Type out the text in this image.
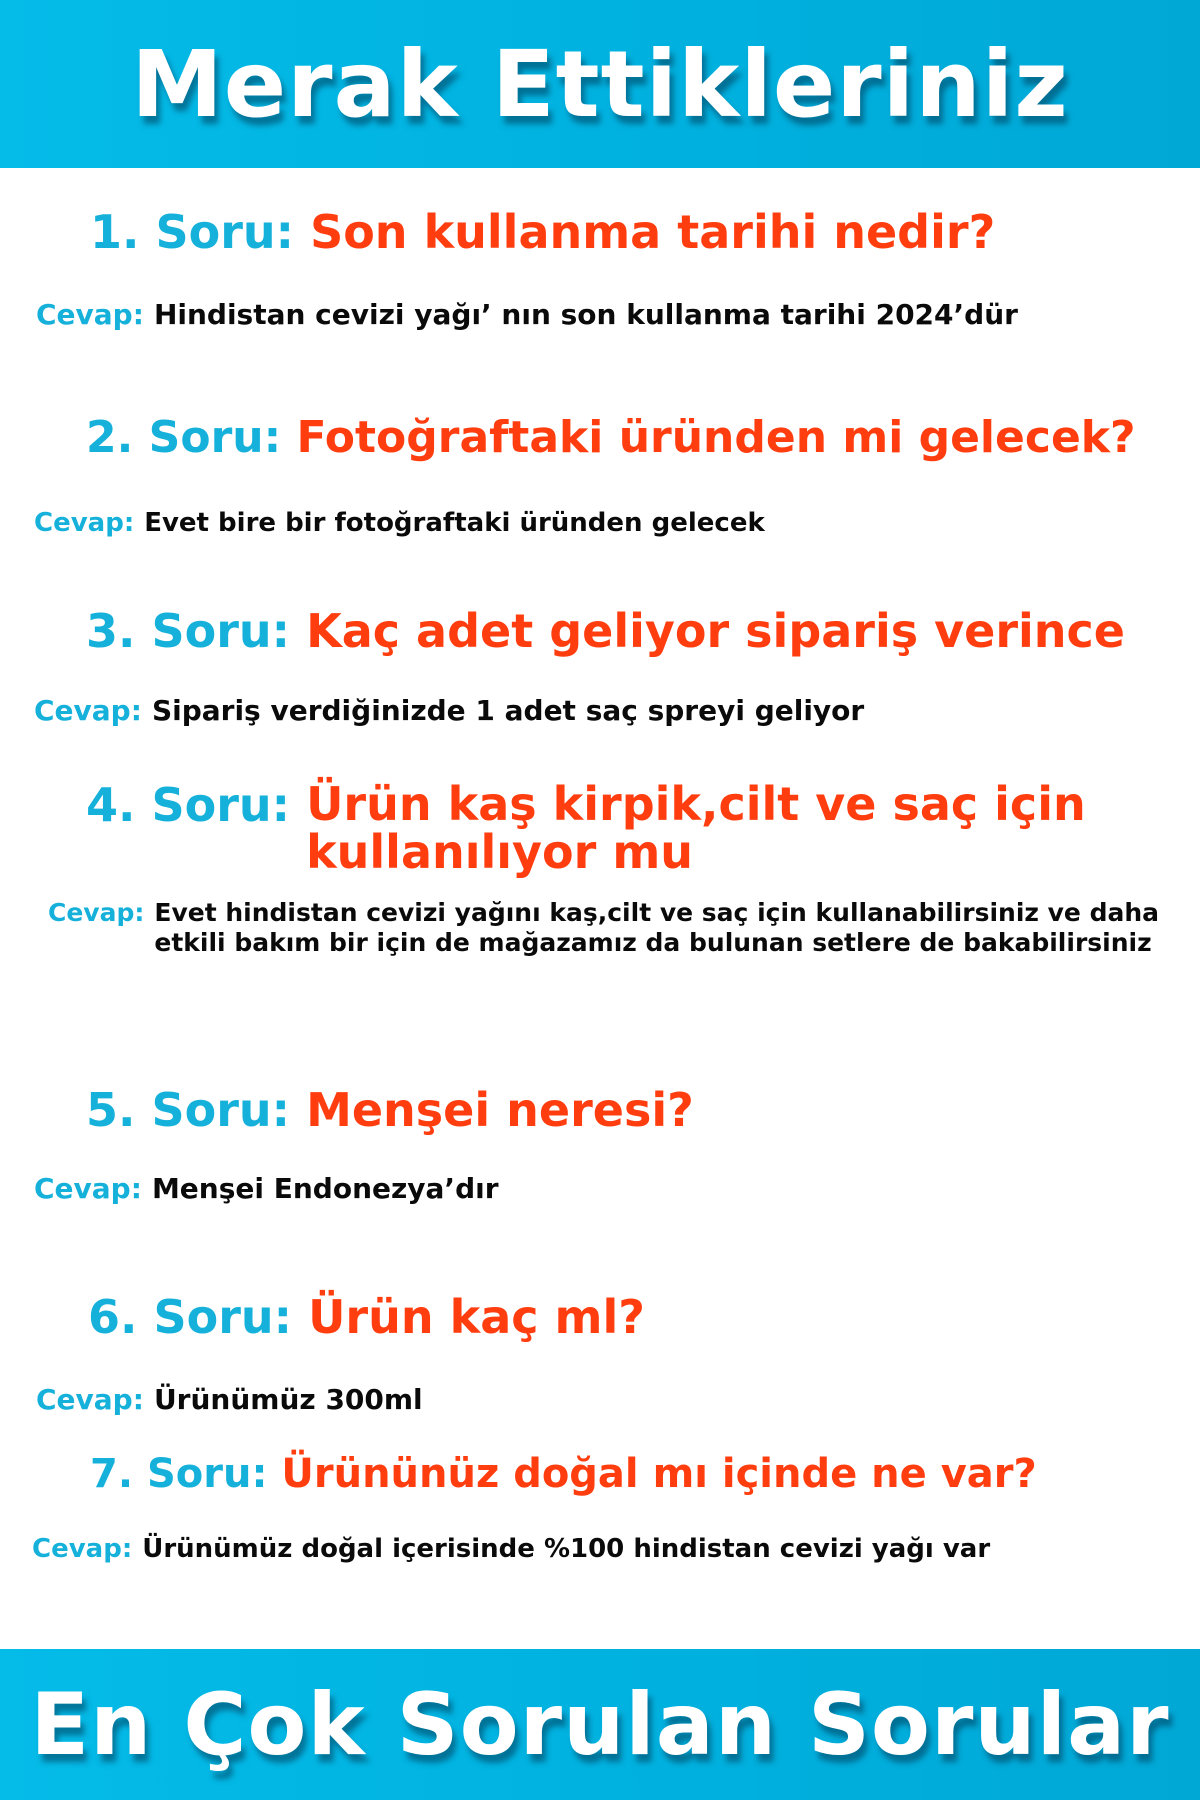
Merak Ettikleriniz
1. Soru: Son kullanma tarihi nedir?
Cevap: Hindistan cevizi yağı’ nın son kullanma tarihi 2024’dür
2. Soru: Fotoğraftaki üründen mi gelecek?
Cevap: Evet bire bir fotoğraftaki üründen gelecek
3. Soru: Kaç adet geliyor sipariş verince
Cevap: Sipariş verdiğinizde 1 adet saç spreyi geliyor
4. Soru: Ürün kaş kirpik,cilt ve saç için kullanılıyor mu
Cevap: Evet hindistan cevizi yağını kaş,cilt ve saç için kullanabilirsiniz ve daha etkili bakım bir için de mağazamız da bulunan setlere de bakabilirsiniz
5. Soru: Menşei neresi?
Cevap: Menşei Endonezya’dır
6. Soru: Ürün kaç ml?
Cevap: Ürünümüz 300ml
7. Soru: Ürününüz doğal mı içinde ne var?
Cevap: Ürünümüz doğal içerisinde %100 hindistan cevizi yağı var
En Çok Sorulan Sorular
